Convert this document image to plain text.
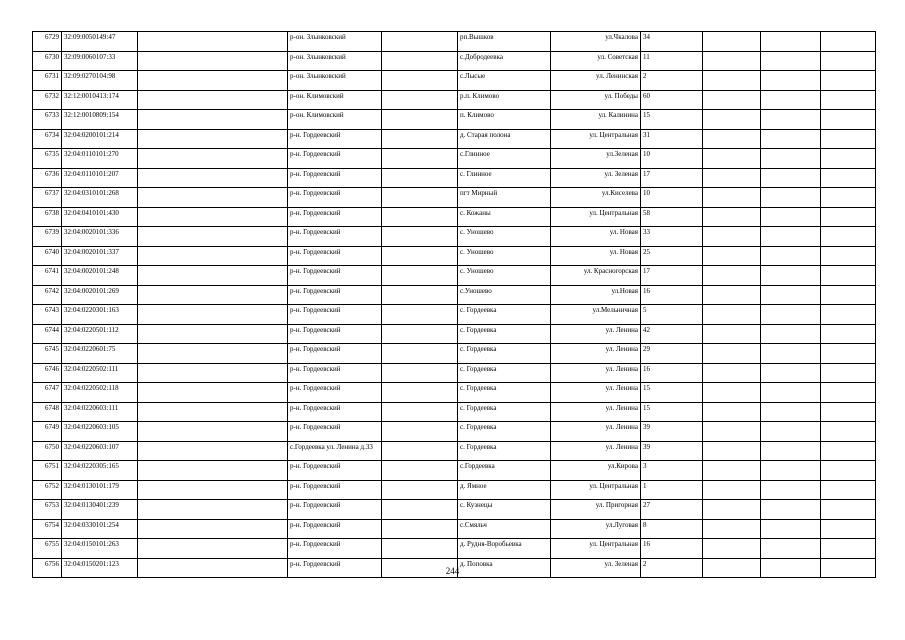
6729	32:09:0050149:47		р-он. Злынковский		рп.Вышков	ул.Чкалова	34			
6730	32:09:0060107:33		р-он. Злынковский		с.Добродеевка	ул. Советская	11			
6731	32:09:0270104:98		р-он. Злынковский		с.Лысые	ул. Ленинская	2			
6732	32:12:0010413:174		р-он. Климовский		р.п. Климово	ул. Победы	60			
6733	32:12:0010809:154		р-он. Климовский		п. Климово	ул. Калинина	15			
6734	32:04:0200101:214		р-н. Гордеевский		д. Старая полона	ул. Центральная	31			
6735	32:04:0110101:270		р-н. Гордеевский		с.Глинное	ул.Зеленая	10			
6736	32:04:0110101:207		р-н. Гордеевский		с. Глинное	ул. Зеленая	17			
6737	32:04:0310101:268		р-н. Гордеевский		пгт Мирный	ул.Киселева	10			
6738	32:04:0410101:430		р-н. Гордеевский		с. Кожаны	ул. Центральная	58			
6739	32:04:0020101:336		р-н. Гордеевский		с. Уношево	ул. Новая	33			
6740	32:04:0020101:337		р-н. Гордеевский		с. Уношево	ул. Новая	25			
6741	32:04:0020101:248		р-н. Гордеевский		с. Уношево	ул. Красногорская	17			
6742	32:04:0020101:269		р-н. Гордеевский		с.Уношево	ул.Новая	16			
6743	32:04:0220301:163		р-н. Гордеевский		с. Гордеевка	ул.Мельничная	5			
6744	32:04:0220501:112		р-н. Гордеевский		с. Гордеевка	ул. Ленина	42			
6745	32:04:0220601:75		р-н. Гордеевский		с. Гордеевка	ул. Ленина	29			
6746	32:04:0220502:111		р-н. Гордеевский		с. Гордеевка	ул. Ленина	16			
6747	32:04:0220502:118		р-н. Гордеевский		с. Гордеевка	ул. Ленина	15			
6748	32:04:0220603:111		р-н. Гордеевский		с. Гордеевка	ул. Ленина	15			
6749	32:04:0220603:105		р-н. Гордеевский		с. Гордеевка	ул. Ленина	39			
6750	32:04:0220603:107		с.Гордеевка ул. Ленина д.33		с. Гордеевка	ул. Ленина	39			
6751	32:04:0220305:165		р-н. Гордеевский		с.Гордеевка	ул.Кирова	3			
6752	32:04:0130101:179		р-н. Гордеевский		д. Ямное	ул. Центральная	1			
6753	32:04:0130401:239		р-н. Гордеевский		с. Кузнецы	ул. Пригорная	27			
6754	32:04:0330101:254		р-н. Гордеевский		с.Смяльч	ул.Луговая	8			
6755	32:04:0150101:263		р-н. Гордеевский		д. Рудня-Воробьевка	ул. Центральная	16			
6756	32:04:0150201:123		р-н. Гордеевский		д. Поповка	ул. Зеленая	2			
244
